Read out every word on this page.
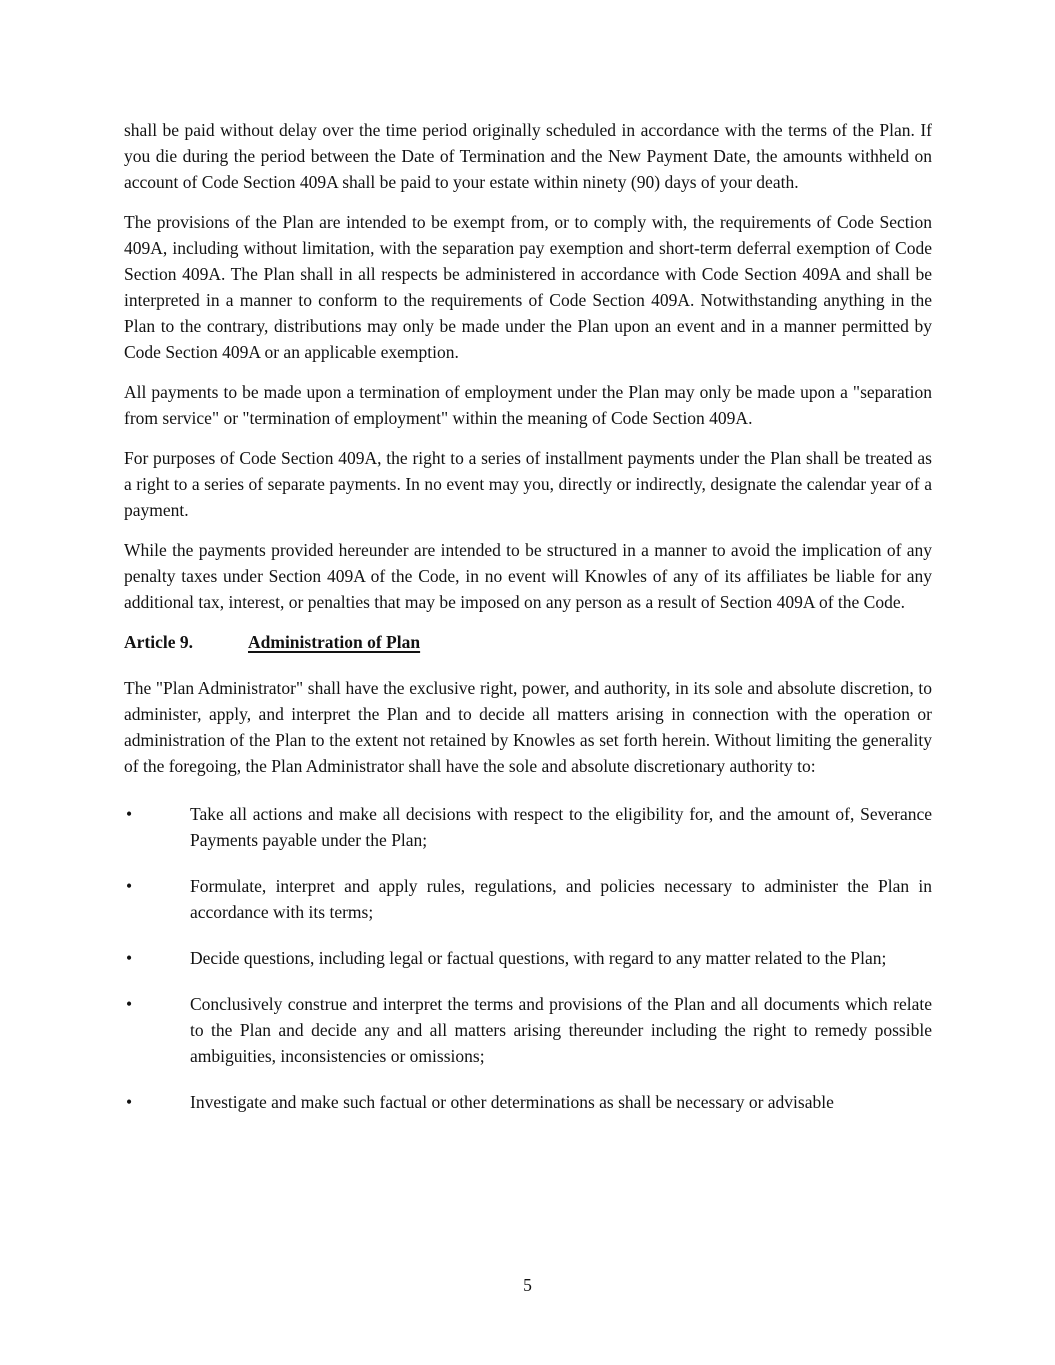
shall be paid without delay over the time period originally scheduled in accordance with the terms of the Plan. If you die during the period between the Date of Termination and the New Payment Date, the amounts withheld on account of Code Section 409A shall be paid to your estate within ninety (90) days of your death.

The provisions of the Plan are intended to be exempt from, or to comply with, the requirements of Code Section 409A, including without limitation, with the separation pay exemption and short-term deferral exemption of Code Section 409A. The Plan shall in all respects be administered in accordance with Code Section 409A and shall be interpreted in a manner to conform to the requirements of Code Section 409A. Notwithstanding anything in the Plan to the contrary, distributions may only be made under the Plan upon an event and in a manner permitted by Code Section 409A or an applicable exemption.

All payments to be made upon a termination of employment under the Plan may only be made upon a "separation from service" or "termination of employment" within the meaning of Code Section 409A.

For purposes of Code Section 409A, the right to a series of installment payments under the Plan shall be treated as a right to a series of separate payments. In no event may you, directly or indirectly, designate the calendar year of a payment.

While the payments provided hereunder are intended to be structured in a manner to avoid the implication of any penalty taxes under Section 409A of the Code, in no event will Knowles of any of its affiliates be liable for any additional tax, interest, or penalties that may be imposed on any person as a result of Section 409A of the Code.

Article 9.	Administration of Plan

The "Plan Administrator" shall have the exclusive right, power, and authority, in its sole and absolute discretion, to administer, apply, and interpret the Plan and to decide all matters arising in connection with the operation or administration of the Plan to the extent not retained by Knowles as set forth herein. Without limiting the generality of the foregoing, the Plan Administrator shall have the sole and absolute discretionary authority to:

•	Take all actions and make all decisions with respect to the eligibility for, and the amount of, Severance Payments payable under the Plan;
•	Formulate, interpret and apply rules, regulations, and policies necessary to administer the Plan in accordance with its terms;
•	Decide questions, including legal or factual questions, with regard to any matter related to the Plan;
•	Conclusively construe and interpret the terms and provisions of the Plan and all documents which relate to the Plan and decide any and all matters arising thereunder including the right to remedy possible ambiguities, inconsistencies or omissions;
•	Investigate and make such factual or other determinations as shall be necessary or advisable
5
